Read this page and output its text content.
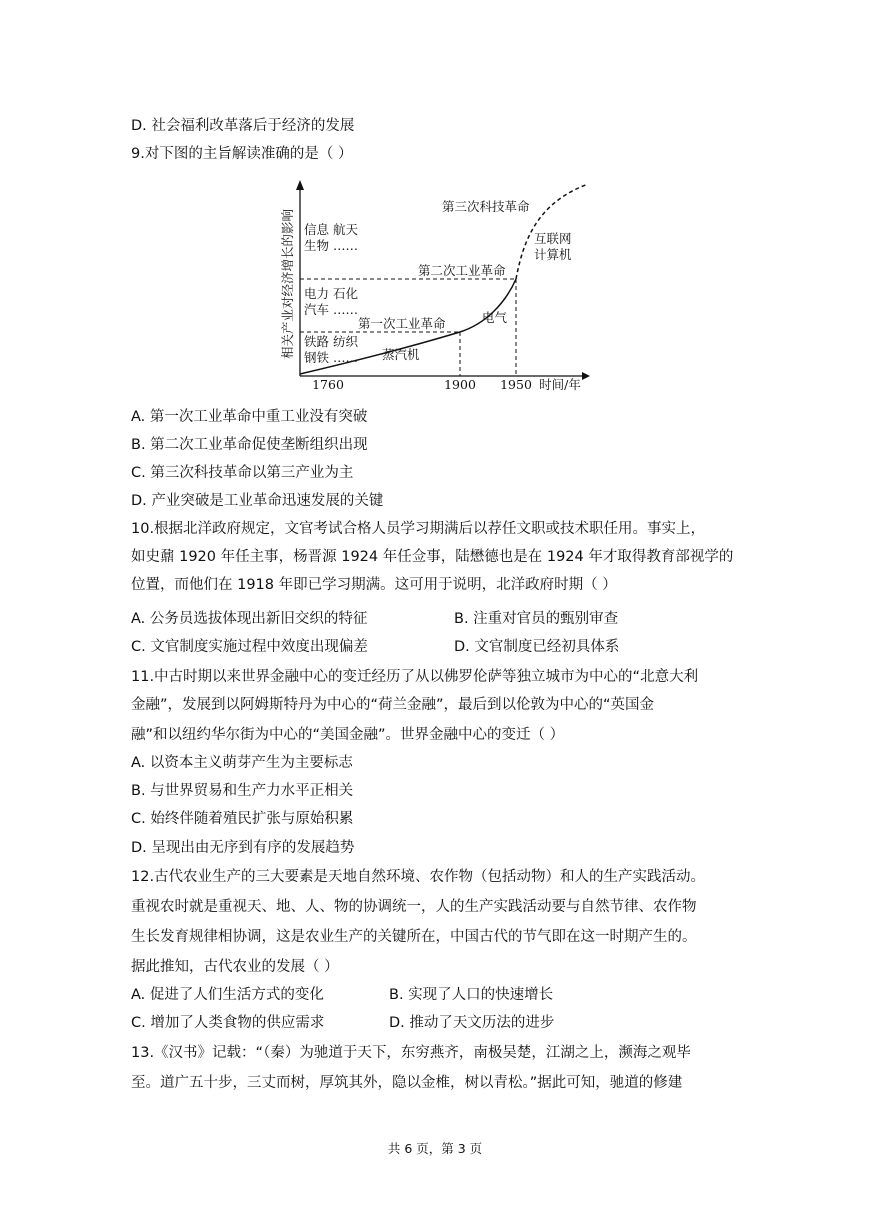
D. 社会福利改革落后于经济的发展
9.对下图的主旨解读准确的是（ ）
相关产业对经济增长的影响 铁路 纺织
钢铁 ……
电力 石化
汽车 ……
信息 航天
生物 ……
第一次工业革命
第二次工业革命
第三次科技革命
蒸汽机
电气
互联网
计算机
1760	1900 1950 时间/年
A. 第一次工业革命中重工业没有突破
B. 第二次工业革命促使垄断组织出现
C. 第三次科技革命以第三产业为主
D. 产业突破是工业革命迅速发展的关键
10.根据北洋政府规定，文官考试合格人员学习期满后以荐任文职或技术职任用。事实上，
如史鼐 1920 年任主事，杨晋源 1924 年任佥事，陆懋德也是在 1924 年才取得教育部视学的
位置，而他们在 1918 年即已学习期满。这可用于说明，北洋政府时期（ ）
A. 公务员选拔体现出新旧交织的特征	B. 注重对官员的甄别审查
C. 文官制度实施过程中效度出现偏差	D. 文官制度已经初具体系
11.中古时期以来世界金融中心的变迁经历了从以佛罗伦萨等独立城市为中心的“北意大利
金融”，发展到以阿姆斯特丹为中心的“荷兰金融”，最后到以伦敦为中心的“英国金
融”和以纽约华尔街为中心的“美国金融”。世界金融中心的变迁（ ）
A. 以资本主义萌芽产生为主要标志
B. 与世界贸易和生产力水平正相关
C. 始终伴随着殖民扩张与原始积累
D. 呈现出由无序到有序的发展趋势
12.古代农业生产的三大要素是天地自然环境、农作物（包括动物）和人的生产实践活动。
重视农时就是重视天、地、人、物的协调统一，人的生产实践活动要与自然节律、农作物
生长发育规律相协调，这是农业生产的关键所在，中国古代的节气即在这一时期产生的。
据此推知，古代农业的发展（ ）
A. 促进了人们生活方式的变化	B. 实现了人口的快速增长
C. 增加了人类食物的供应需求	D. 推动了天文历法的进步
13.《汉书》记载：“（秦）为驰道于天下，东穷燕齐，南极吴楚，江湖之上，濒海之观毕
至。道广五十步，三丈而树，厚筑其外，隐以金椎，树以青松。”据此可知，驰道的修建
共 6 页，第 3 页
